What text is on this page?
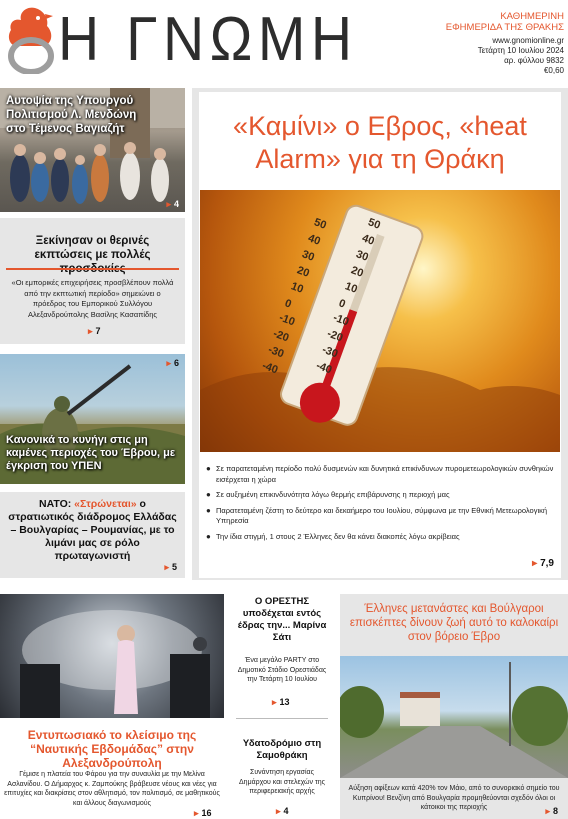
Η ΓΝΩΜΗ	ΚΑΘΗΜΕΡΙΝΗ
ΕΦΗΜΕΡΙΔΑ ΤΗΣ ΘΡΑΚΗΣ
www.gnomionline.gr
Τετάρτη 10 Ιουλίου 2024
αρ. φύλλου 9832
€0,60
Αυτοψία της Υπουργού Πολιτισμού Λ. Μενδώνη στο Τέμενος Βαγιαζήτ
▸ 4
Ξεκίνησαν οι θερινές εκπτώσεις με πολλές
«Οι εμπορικές επιχειρήσεις προσβλέπουν πολλά από την εκπτωτική περίοδο» σημειώνει ο πρόεδρος του Εμπορικού Συλλόγου Αλεξανδρούπολης Βασίλης Κασαπίδης
▸ 7
Κανονικά το κυνήγι στις μη καμένες περιοχές του Έβρου, με έγκριση του ΥΠΕΝ
▸ 6
ΝΑΤΟ: «Στρώνεται» ο στρατιωτικός διάδρομος Ελλάδας – Βουλγαρίας – Ρουμανίας, με το λιμάνι μας σε ρόλο πρωταγωνιστή
▸ 5
«Καμίνι» ο Εβρος, «heat Alarm» για τη Θράκη
50	50
40	40
30	30
20	20
10	10
0	0
-10	-10
-20	-20
-30	-30
-40	-40
● Σε παρατεταμένη περίοδο πολύ δυσμενών και δυνητικά επικίνδυνων πυρομετεωρολογικών συνθηκών εισέρχεται η χώρα
● Σε αυξημένη επικινδυνότητα λόγω θερμής επιβάρυνσης η περιοχή μας
● Παρατεταμένη ζέστη το δεύτερο και δεκαήμερο του Ιουλίου, σύμφωνα με την Εθνική Μετεωρολογική Υπηρεσία
● Την ίδια στιγμή, 1 στους 2 Έλληνες δεν θα κάνει διακοπές λόγω ακρίβειας
▸ 7,9
Εντυπωσιακό το κλείσιμο της “Ναυτικής Εβδομάδας” στην Αλεξανδρούπολη
Γέμισε η πλατεία του Φάρου για την συναυλία με την Μελίνα Ασλανίδου. Ο Δήμαρχος κ. Ζαμπούκης βράβευσε νέους και νέες για επιτυχίες και διακρίσεις στον αθλητισμό, τον πολιτισμό, σε μαθητικούς και άλλους διαγωνισμούς
▸ 16
Ο ΟΡΕΣΤΗΣ υποδέχεται εντός έδρας την... Μαρίνα Σάτι
Ένα μεγάλο PARTY στο Δημοτικό Στάδιο Ορεστιάδας την Τετάρτη 10 Ιουλίου
▸ 13
Υδατοδρόμιο στη Σαμοθράκη
Συνάντηση εργασίας Δημάρχου και στελεχών της περιφερειακής αρχής
▸ 4
Έλληνες μετανάστες και Βούλγαροι επισκέπτες δίνουν ζωή αυτό το καλοκαίρι στον βόρειο Έβρο
Αύξηση αφίξεων κατά 420% τον Μάιο, από το συνοριακό σημείο του Κυπρίνου! Βενζίνη από Βουλγαρία προμηθεύονται σχεδόν όλοι οι κάτοικοι της περιοχής	▸ 8
